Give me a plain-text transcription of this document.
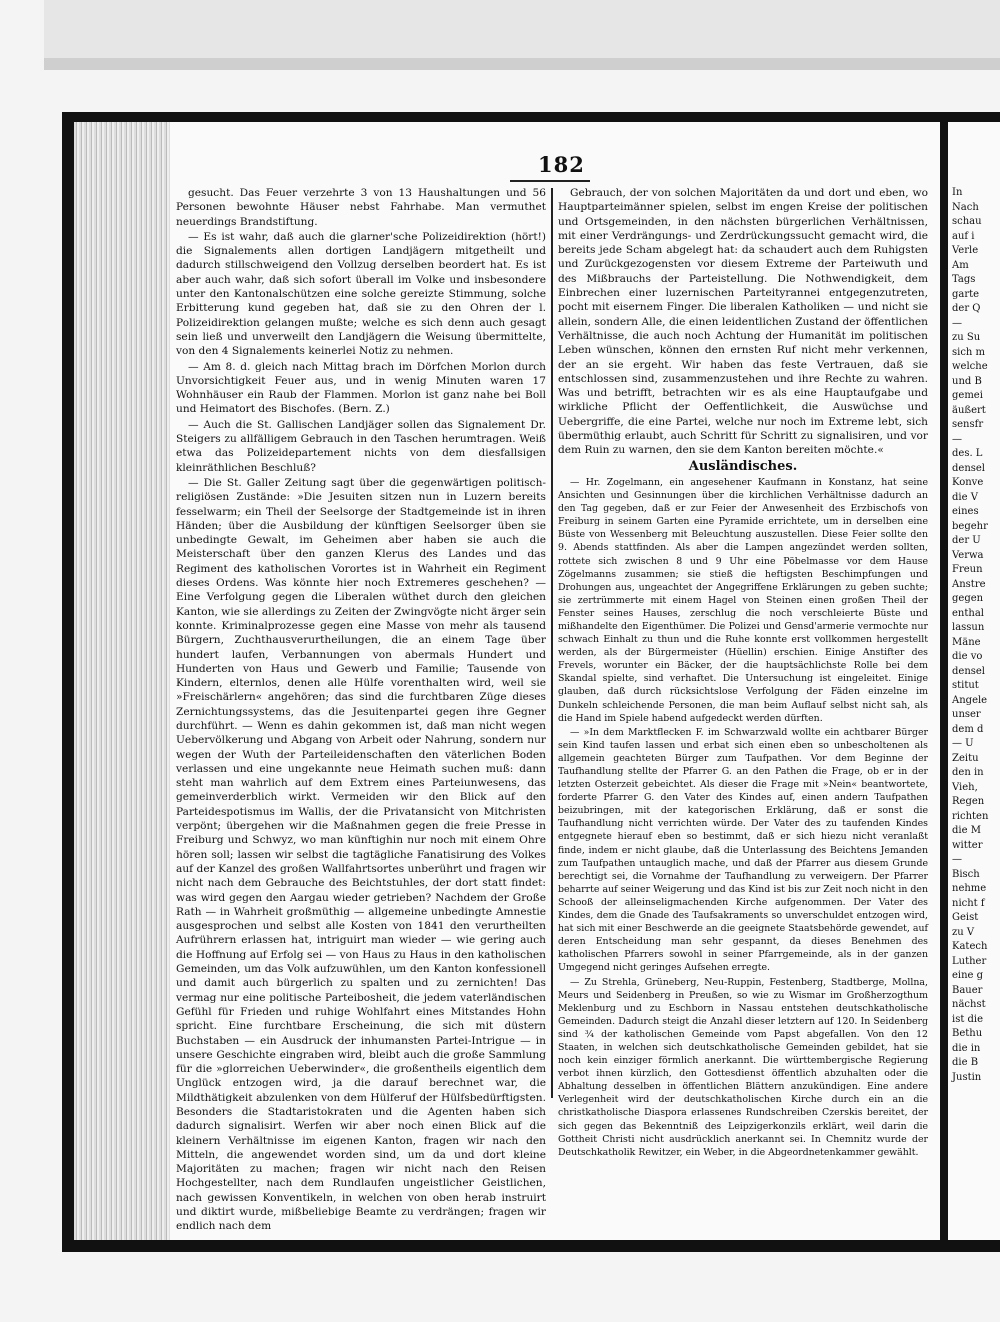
182

gesucht. Das Feuer verzehrte 3 von 13 Haushaltungen und 56 Personen bewohnte Häuser nebst Fahrhabe. Man vermuthet neuerdings Brandstiftung.

— Es ist wahr, daß auch die glarner'sche Polizeidirektion (hört!) die Signalements allen dortigen Landjägern mitgetheilt und dadurch stillschweigend den Vollzug derselben beordert hat. Es ist aber auch wahr, daß sich sofort überall im Volke und insbesondere unter den Kantonalschützen eine solche gereizte Stimmung, solche Erbitterung kund gegeben hat, daß sie zu den Ohren der l. Polizeidirektion gelangen mußte; welche es sich denn auch gesagt sein ließ und unverweilt den Landjägern die Weisung übermittelte, von den 4 Signalements keinerlei Notiz zu nehmen.

— Am 8. d. gleich nach Mittag brach im Dörfchen Morlon durch Unvorsichtigkeit Feuer aus, und in wenig Minuten waren 17 Wohnhäuser ein Raub der Flammen. Morlon ist ganz nahe bei Boll und Heimatort des Bischofes. (Bern. Z.)

— Auch die St. Gallischen Landjäger sollen das Signalement Dr. Steigers zu allfälligem Gebrauch in den Taschen herumtragen. Weiß etwa das Polizeidepartement nichts von dem diesfallsigen kleinräthlichen Beschluß?

— Die St. Galler Zeitung sagt über die gegenwärtigen politisch-religiösen Zustände: »Die Jesuiten sitzen nun in Luzern bereits fesselwarm; ein Theil der Seelsorge der Stadtgemeinde ist in ihren Händen; über die Ausbildung der künftigen Seelsorger üben sie unbedingte Gewalt, im Geheimen aber haben sie auch die Meisterschaft über den ganzen Klerus des Landes und das Regiment des katholischen Vorortes ist in Wahrheit ein Regiment dieses Ordens. Was könnte hier noch Extremeres geschehen? — Eine Verfolgung gegen die Liberalen wüthet durch den gleichen Kanton, wie sie allerdings zu Zeiten der Zwingvögte nicht ärger sein konnte. Kriminalprozesse gegen eine Masse von mehr als tausend Bürgern, Zuchthausverurtheilungen, die an einem Tage über hundert laufen, Verbannungen von abermals Hundert und Hunderten von Haus und Gewerb und Familie; Tausende von Kindern, elternlos, denen alle Hülfe vorenthalten wird, weil sie »Freischärlern« angehören; das sind die furchtbaren Züge dieses Zernichtungssystems, das die Jesuitenpartei gegen ihre Gegner durchführt. — Wenn es dahin gekommen ist, daß man nicht wegen Uebervölkerung und Abgang von Arbeit oder Nahrung, sondern nur wegen der Wuth der Parteileidenschaften den väterlichen Boden verlassen und eine ungekannte neue Heimath suchen muß: dann steht man wahrlich auf dem Extrem eines Parteiunwesens, das gemeinverderblich wirkt. Vermeiden wir den Blick auf den Parteidespotismus im Wallis, der die Privatansicht von Mitchristen verpönt; übergehen wir die Maßnahmen gegen die freie Presse in Freiburg und Schwyz, wo man künftighin nur noch mit einem Ohre hören soll; lassen wir selbst die tagtägliche Fanatisirung des Volkes auf der Kanzel des großen Wallfahrtsortes unberührt und fragen wir nicht nach dem Gebrauche des Beichtstuhles, der dort statt findet: was wird gegen den Aargau wieder getrieben? Nachdem der Große Rath — in Wahrheit großmüthig — allgemeine unbedingte Amnestie ausgesprochen und selbst alle Kosten von 1841 den verurtheilten Aufrührern erlassen hat, intriguirt man wieder — wie gering auch die Hoffnung auf Erfolg sei — von Haus zu Haus in den katholischen Gemeinden, um das Volk aufzuwühlen, um den Kanton konfessionell und damit auch bürgerlich zu spalten und zu zernichten! Das vermag nur eine politische Parteibosheit, die jedem vaterländischen Gefühl für Frieden und ruhige Wohlfahrt eines Mitstandes Hohn spricht. Eine furchtbare Erscheinung, die sich mit düstern Buchstaben — ein Ausdruck der inhumansten Partei-Intrigue — in unsere Geschichte eingraben wird, bleibt auch die große Sammlung für die »glorreichen Ueberwinder«, die großentheils eigentlich dem Unglück entzogen wird, ja die darauf berechnet war, die Mildthätigkeit abzulenken von dem Hülferuf der Hülfsbedürftigsten. Besonders die Stadtaristokraten und die Agenten haben sich dadurch signalisirt. Werfen wir aber noch einen Blick auf die kleinern Verhältnisse im eigenen Kanton, fragen wir nach den Mitteln, die angewendet worden sind, um da und dort kleine Majoritäten zu machen; fragen wir nicht nach den Reisen Hochgestellter, nach dem Rundlaufen ungeistlicher Geistlichen, nach gewissen Konventikeln, in welchen von oben herab instruirt und diktirt wurde, mißbeliebige Beamte zu verdrängen; fragen wir endlich nach dem

Gebrauch, der von solchen Majoritäten da und dort und eben, wo Hauptparteimänner spielen, selbst im engen Kreise der politischen und Ortsgemeinden, in den nächsten bürgerlichen Verhältnissen, mit einer Verdrängungs- und Zerdrückungssucht gemacht wird, die bereits jede Scham abgelegt hat: da schaudert auch dem Ruhigsten und Zurückgezogensten vor diesem Extreme der Parteiwuth und des Mißbrauchs der Parteistellung. Die Nothwendigkeit, dem Einbrechen einer luzernischen Parteityrannei entgegenzutreten, pocht mit eisernem Finger. Die liberalen Katholiken — und nicht sie allein, sondern Alle, die einen leidentlichen Zustand der öffentlichen Verhältnisse, die auch noch Achtung der Humanität im politischen Leben wünschen, können den ernsten Ruf nicht mehr verkennen, der an sie ergeht. Wir haben das feste Vertrauen, daß sie entschlossen sind, zusammenzustehen und ihre Rechte zu wahren. Was und betrifft, betrachten wir es als eine Hauptaufgabe und wirkliche Pflicht der Oeffentlichkeit, die Auswüchse und Uebergriffe, die eine Partei, welche nur noch im Extreme lebt, sich übermüthig erlaubt, auch Schritt für Schritt zu signalisiren, und vor dem Ruin zu warnen, den sie dem Kanton bereiten möchte.«

Ausländisches.

— Hr. Zogelmann, ein angesehener Kaufmann in Konstanz, hat seine Ansichten und Gesinnungen über die kirchlichen Verhältnisse dadurch an den Tag gegeben, daß er zur Feier der Anwesenheit des Erzbischofs von Freiburg in seinem Garten eine Pyramide errichtete, um in derselben eine Büste von Wessenberg mit Beleuchtung auszustellen. Diese Feier sollte den 9. Abends stattfinden. Als aber die Lampen angezündet werden sollten, rottete sich zwischen 8 und 9 Uhr eine Pöbelmasse vor dem Hause Zögelmanns zusammen; sie stieß die heftigsten Beschimpfungen und Drohungen aus, ungeachtet der Angegriffene Erklärungen zu geben suchte; sie zertrümmerte mit einem Hagel von Steinen einen großen Theil der Fenster seines Hauses, zerschlug die noch verschleierte Büste und mißhandelte den Eigenthümer. Die Polizei und Gensd'armerie vermochte nur schwach Einhalt zu thun und die Ruhe konnte erst vollkommen hergestellt werden, als der Bürgermeister (Hüellin) erschien. Einige Anstifter des Frevels, worunter ein Bäcker, der die hauptsächlichste Rolle bei dem Skandal spielte, sind verhaftet. Die Untersuchung ist eingeleitet. Einige glauben, daß durch rücksichtslose Verfolgung der Fäden einzelne im Dunkeln schleichende Personen, die man beim Auflauf selbst nicht sah, als die Hand im Spiele habend aufgedeckt werden dürften.

— »In dem Marktflecken F. im Schwarzwald wollte ein achtbarer Bürger sein Kind taufen lassen und erbat sich einen eben so unbescholtenen als allgemein geachteten Bürger zum Taufpathen. Vor dem Beginne der Taufhandlung stellte der Pfarrer G. an den Pathen die Frage, ob er in der letzten Osterzeit gebeichtet. Als dieser die Frage mit »Nein« beantwortete, forderte Pfarrer G. den Vater des Kindes auf, einen andern Taufpathen beizubringen, mit der kategorischen Erklärung, daß er sonst die Taufhandlung nicht verrichten würde. Der Vater des zu taufenden Kindes entgegnete hierauf eben so bestimmt, daß er sich hiezu nicht veranlaßt finde, indem er nicht glaube, daß die Unterlassung des Beichtens Jemanden zum Taufpathen untauglich mache, und daß der Pfarrer aus diesem Grunde berechtigt sei, die Vornahme der Taufhandlung zu verweigern. Der Pfarrer beharrte auf seiner Weigerung und das Kind ist bis zur Zeit noch nicht in den Schooß der alleinseligmachenden Kirche aufgenommen. Der Vater des Kindes, dem die Gnade des Taufsakraments so unverschuldet entzogen wird, hat sich mit einer Beschwerde an die geeignete Staatsbehörde gewendet, auf deren Entscheidung man sehr gespannt, da dieses Benehmen des katholischen Pfarrers sowohl in seiner Pfarrgemeinde, als in der ganzen Umgegend nicht geringes Aufsehen erregte.

— Zu Strehla, Grüneberg, Neu-Ruppin, Festenberg, Stadtberge, Mollna, Meurs und Seidenberg in Preußen, so wie zu Wismar im Großherzogthum Meklenburg und zu Eschborn in Nassau entstehen deutschkatholische Gemeinden. Dadurch steigt die Anzahl dieser letztern auf 120. In Seidenberg sind ¾ der katholischen Gemeinde vom Papst abgefallen. Von den 12 Staaten, in welchen sich deutschkatholische Gemeinden gebildet, hat sie noch kein einziger förmlich anerkannt. Die württembergische Regierung verbot ihnen kürzlich, den Gottesdienst öffentlich abzuhalten oder die Abhaltung desselben in öffentlichen Blättern anzukündigen. Eine andere Verlegenheit wird der deutschkatholischen Kirche durch ein an die christkatholische Diaspora erlassenes Rundschreiben Czerskis bereitet, der sich gegen das Bekenntniß des Leipzigerkonzils erklärt, weil darin die Gottheit Christi nicht ausdrücklich anerkannt sei. In Chemnitz wurde der Deutschkatholik Rewitzer, ein Weber, in die Abgeordnetenkammer gewählt.

In
Nach
schau
auf i
Verle
Am
Tags
garte
der Q
—
zu Su
sich m
welche
und B
gemei
äußert
sensfr
—
des. L
densel
Konve
die V
eines
begehr
der U
Verwa
Freun
Anstre
gegen
enthal
lassun
Mäne
die vo
densel
stitut
Angele
unser
dem d
— U
Zeitu
den in
Vieh,
Regen
richten
die M
witter
—
Bisch
nehme
nicht f
Geist
zu V
Katech
Luther
eine g
Bauer
nächst
ist die
Bethu
die in
die B
Justin
